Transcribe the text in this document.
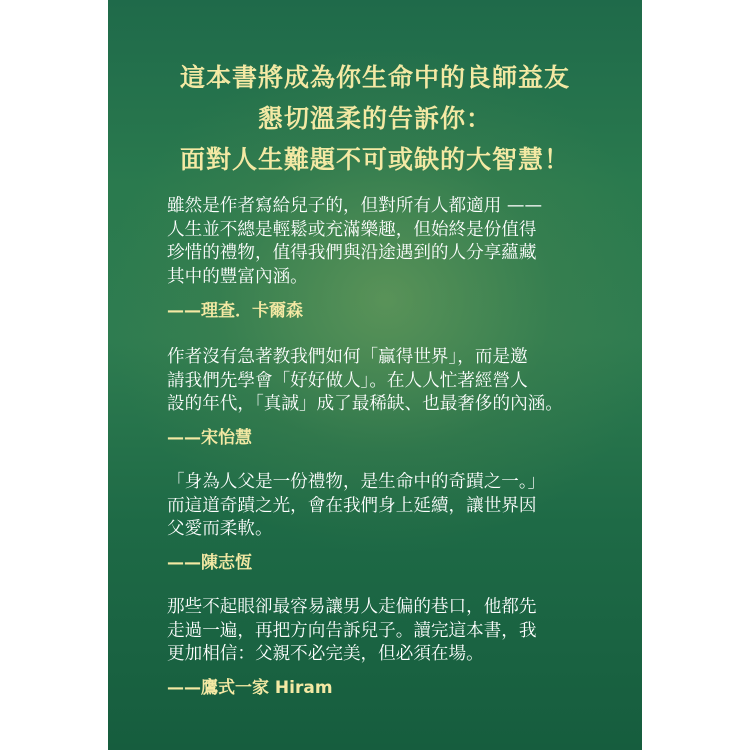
這本書將成為你生命中的良師益友
懇切溫柔的告訴你：
面對人生難題不可或缺的大智慧！
雖然是作者寫給兒子的，但對所有人都適用 ——
人生並不總是輕鬆或充滿樂趣，但始終是份值得
珍惜的禮物，值得我們與沿途遇到的人分享蘊藏
其中的豐富內涵。
——理查．卡爾森
作者沒有急著教我們如何「贏得世界」，而是邀
請我們先學會「好好做人」。在人人忙著經營人
設的年代，「真誠」成了最稀缺、也最奢侈的內涵。
——宋怡慧
「身為人父是一份禮物，是生命中的奇蹟之一。」
而這道奇蹟之光，會在我們身上延續，讓世界因
父愛而柔軟。
——陳志恆
那些不起眼卻最容易讓男人走偏的巷口，他都先
走過一遍，再把方向告訴兒子。讀完這本書，我
更加相信：父親不必完美，但必須在場。
——鷹式一家 Hiram
